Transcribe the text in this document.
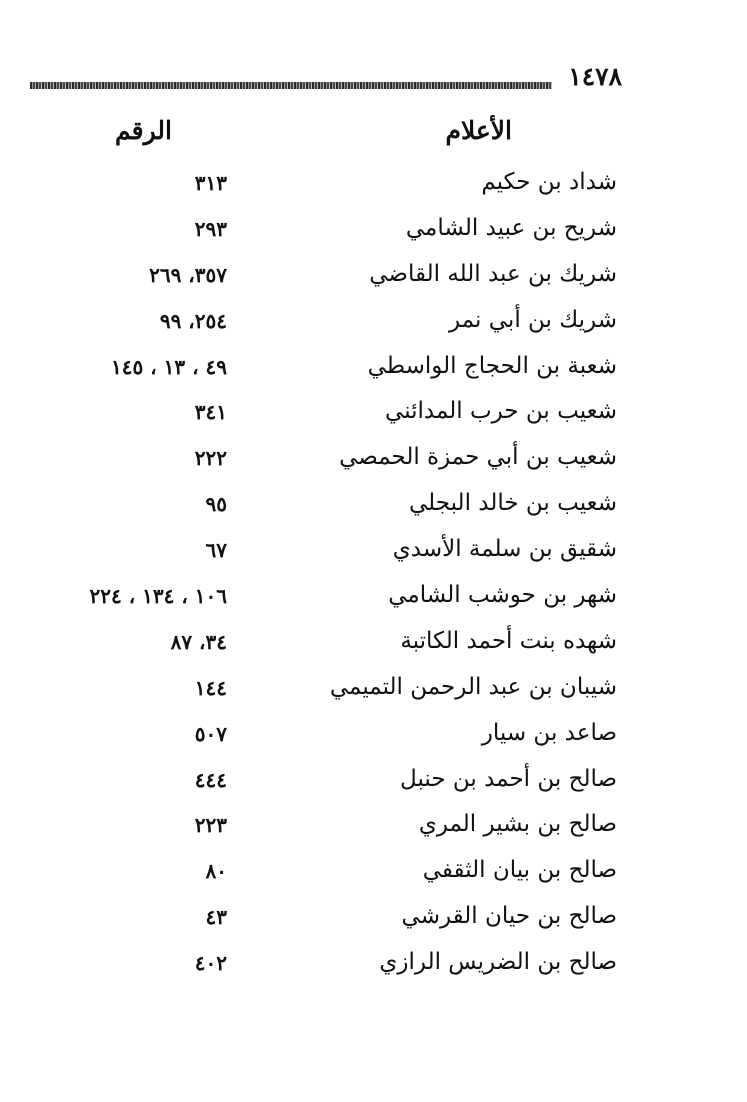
١٤٧٨
الأعلام
الرقم
شداد بن حكيم
٣١٣
شريح بن عبيد الشامي
٢٩٣
شريك بن عبد الله القاضي
٣٥٧، ٢٦٩
شريك بن أبي نمر
٢٥٤، ٩٩
شعبة بن الحجاج الواسطي
٤٩ ، ١٣ ، ١٤٥
شعيب بن حرب المدائني
٣٤١
شعيب بن أبي حمزة الحمصي
٢٢٢
شعيب بن خالد البجلي
٩٥
شقيق بن سلمة الأسدي
٦٧
شهر بن حوشب الشامي
١٠٦ ، ١٣٤ ، ٢٢٤
شهده بنت أحمد الكاتبة
٣٤، ٨٧
شيبان بن عبد الرحمن التميمي
١٤٤
صاعد بن سيار
٥٠٧
صالح بن أحمد بن حنبل
٤٤٤
صالح بن بشير المري
٢٢٣
صالح بن بيان الثقفي
٨٠
صالح بن حيان القرشي
٤٣
صالح بن الضريس الرازي
٤٠٢
